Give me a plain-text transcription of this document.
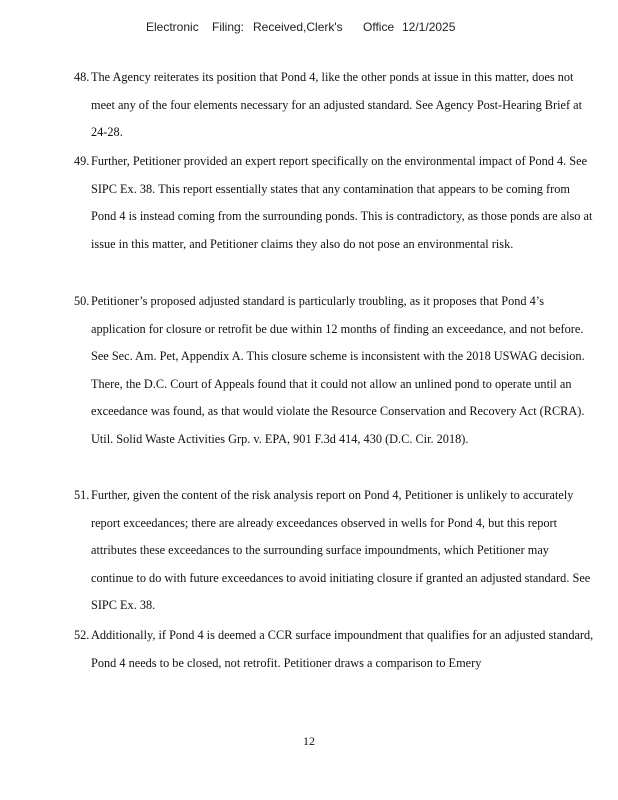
Electronic Filing: Received,Clerk's Office 12/1/2025
48. The Agency reiterates its position that Pond 4, like the other ponds at issue in this matter, does not meet any of the four elements necessary for an adjusted standard. See Agency Post-Hearing Brief at 24-28.
49. Further, Petitioner provided an expert report specifically on the environmental impact of Pond 4. See SIPC Ex. 38. This report essentially states that any contamination that appears to be coming from Pond 4 is instead coming from the surrounding ponds. This is contradictory, as those ponds are also at issue in this matter, and Petitioner claims they also do not pose an environmental risk.
50. Petitioner’s proposed adjusted standard is particularly troubling, as it proposes that Pond 4’s application for closure or retrofit be due within 12 months of finding an exceedance, and not before. See Sec. Am. Pet, Appendix A. This closure scheme is inconsistent with the 2018 USWAG decision. There, the D.C. Court of Appeals found that it could not allow an unlined pond to operate until an exceedance was found, as that would violate the Resource Conservation and Recovery Act (RCRA). Util. Solid Waste Activities Grp. v. EPA, 901 F.3d 414, 430 (D.C. Cir. 2018).
51. Further, given the content of the risk analysis report on Pond 4, Petitioner is unlikely to accurately report exceedances; there are already exceedances observed in wells for Pond 4, but this report attributes these exceedances to the surrounding surface impoundments, which Petitioner may continue to do with future exceedances to avoid initiating closure if granted an adjusted standard. See SIPC Ex. 38.
52. Additionally, if Pond 4 is deemed a CCR surface impoundment that qualifies for an adjusted standard, Pond 4 needs to be closed, not retrofit. Petitioner draws a comparison to Emery
12
